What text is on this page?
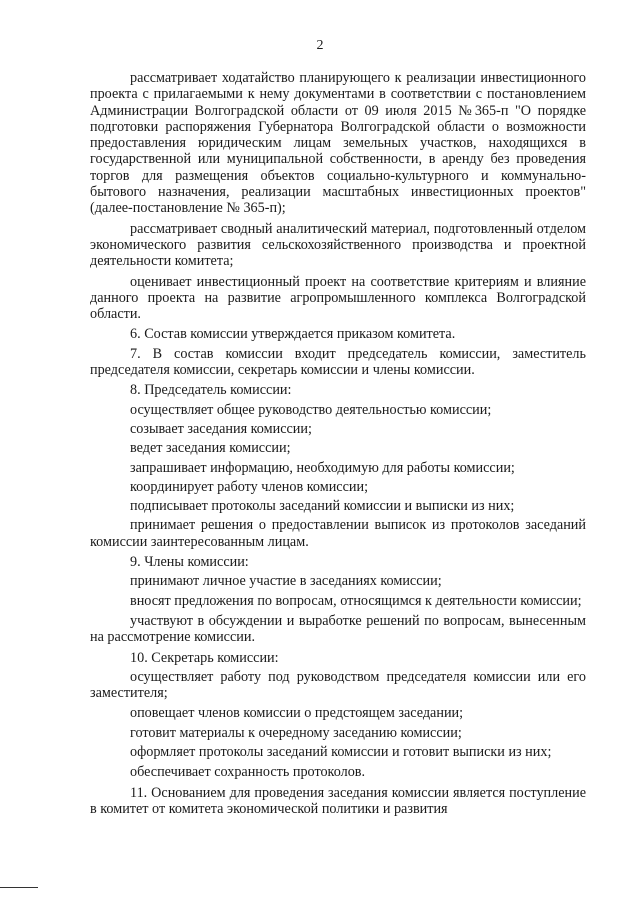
2

рассматривает ходатайство планирующего к реализации инвестиционного проекта с прилагаемыми к нему документами в соответствии с постановлением Администрации Волгоградской области от 09 июля 2015 №365-п "О порядке подготовки распоряжения Губернатора Волгоградской области о возможности предоставления юридическим лицам земельных участков, находящихся в государственной или муниципальной собственности, в аренду без проведения торгов для размещения объектов социально-культурного и коммунально-бытового назначения, реализации масштабных инвестиционных проектов"(далее-постановление № 365-п);

рассматривает сводный аналитический материал, подготовленный отделом экономического развития сельскохозяйственного производства и проектной деятельности комитета;

оценивает инвестиционный проект на соответствие критериям и влияние данного проекта на развитие агропромышленного комплекса Волгоградской области.

6. Состав комиссии утверждается приказом комитета.

7. В состав комиссии входит председатель комиссии, заместитель председателя комиссии, секретарь комиссии и члены комиссии.

8. Председатель комиссии:

осуществляет общее руководство деятельностью комиссии;

созывает заседания комиссии;

ведет заседания комиссии;

запрашивает информацию, необходимую для работы комиссии;

координирует работу членов комиссии;

подписывает протоколы заседаний комиссии и выписки из них;

принимает решения о предоставлении выписок из протоколов заседаний комиссии заинтересованным лицам.

9. Члены комиссии:

принимают личное участие в заседаниях комиссии;

вносят предложения по вопросам, относящимся к деятельности комиссии;

участвуют в обсуждении и выработке решений по вопросам, вынесенным на рассмотрение комиссии.

10. Секретарь комиссии:

осуществляет работу под руководством председателя комиссии или его заместителя;

оповещает членов комиссии о предстоящем заседании;

готовит материалы к очередному заседанию комиссии;

оформляет протоколы заседаний комиссии и готовит выписки из них;

обеспечивает сохранность протоколов.

11. Основанием для проведения заседания комиссии является поступление в комитет от комитета экономической политики и развития
